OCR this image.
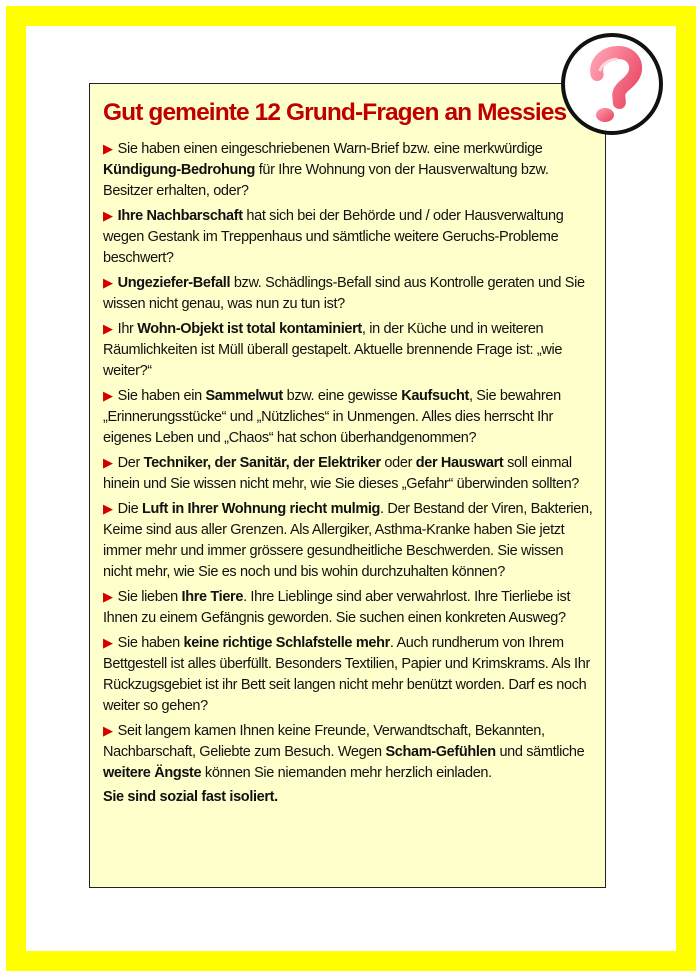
Gut gemeinte 12 Grund-Fragen an Messies

▶ Sie haben einen eingeschriebenen Warn-Brief bzw. eine merkwürdige Kündigung-Bedrohung für Ihre Wohnung von der Hausverwaltung bzw. Besitzer erhalten, oder?

▶ Ihre Nachbarschaft hat sich bei der Behörde und / oder Hausverwaltung wegen Gestank im Treppenhaus und sämtliche weitere Geruchs-Probleme beschwert?

▶ Ungeziefer-Befall bzw. Schädlings-Befall sind aus Kontrolle geraten und Sie wissen nicht genau, was nun zu tun ist?

▶ Ihr Wohn-Objekt ist total kontaminiert, in der Küche und in weiteren Räumlichkeiten ist Müll überall gestapelt. Aktuelle brennende Frage ist: „wie weiter?“

▶ Sie haben ein Sammelwut bzw. eine gewisse Kaufsucht, Sie bewahren „Erinnerungsstücke“ und „Nützliches“ in Unmengen. Alles dies herrscht Ihr eigenes Leben und „Chaos“ hat schon überhandgenommen?

▶ Der Techniker, der Sanitär, der Elektriker oder der Hauswart soll einmal hinein und Sie wissen nicht mehr, wie Sie dieses „Gefahr“ überwinden sollten?

▶ Die Luft in Ihrer Wohnung riecht mulmig. Der Bestand der Viren, Bakterien, Keime sind aus aller Grenzen. Als Allergiker, Asthma-Kranke haben Sie jetzt immer mehr und immer grössere gesundheitliche Beschwerden. Sie wissen nicht mehr, wie Sie es noch und bis wohin durchzuhalten können?

▶ Sie lieben Ihre Tiere. Ihre Lieblinge sind aber verwahrlost. Ihre Tierliebe ist Ihnen zu einem Gefängnis geworden. Sie suchen einen konkreten Ausweg?

▶ Sie haben keine richtige Schlafstelle mehr. Auch rundherum von Ihrem Bettgestell ist alles überfüllt. Besonders Textilien, Papier und Krimskrams. Als Ihr Rückzugsgebiet ist ihr Bett seit langen nicht mehr benützt worden. Darf es noch weiter so gehen?

▶ Seit langem kamen Ihnen keine Freunde, Verwandtschaft, Bekannten, Nachbarschaft, Geliebte zum Besuch. Wegen Scham-Gefühlen und sämtliche weitere Ängste können Sie niemanden mehr herzlich einladen.

Sie sind sozial fast isoliert.
